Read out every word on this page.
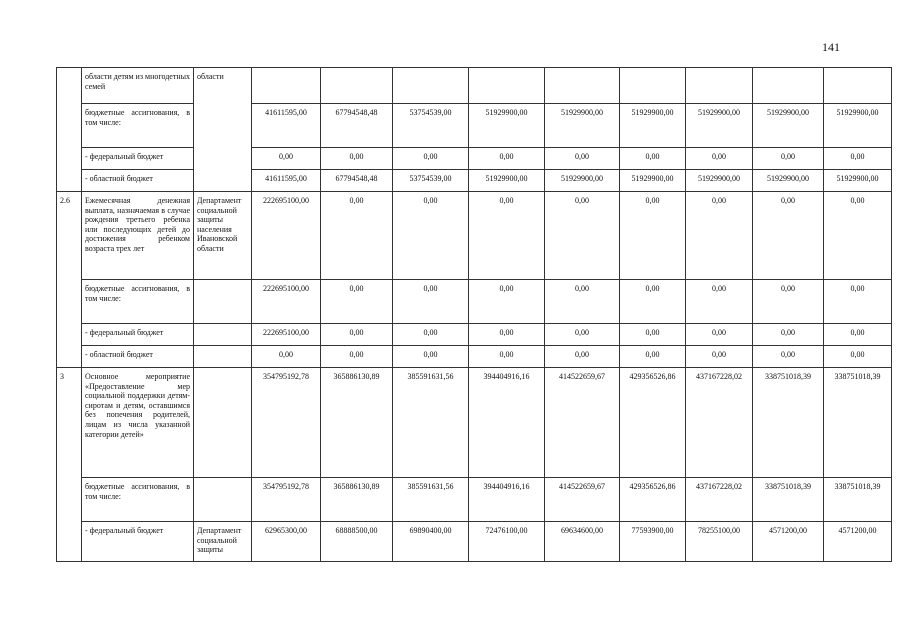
141
	области детям из многодетных семей	области									
	бюджетные ассигнования, в том числе:		41611595,00	67794548,48	53754539,00	51929900,00	51929900,00	51929900,00	51929900,00	51929900,00	51929900,00
	- федеральный бюджет		0,00	0,00	0,00	0,00	0,00	0,00	0,00	0,00	0,00
	- областной бюджет		41611595,00	67794548,48	53754539,00	51929900,00	51929900,00	51929900,00	51929900,00	51929900,00	51929900,00
2.6	Ежемесячная денежная выплата, назначаемая в случае рождения третьего ребенка или последующих детей до достижения ребенком возраста трех лет	Департамент социальной защиты населения Ивановской области	222695100,00	0,00	0,00	0,00	0,00	0,00	0,00	0,00	0,00
	бюджетные ассигнования, в том числе:		222695100,00	0,00	0,00	0,00	0,00	0,00	0,00	0,00	0,00
	- федеральный бюджет		222695100,00	0,00	0,00	0,00	0,00	0,00	0,00	0,00	0,00
	- областной бюджет		0,00	0,00	0,00	0,00	0,00	0,00	0,00	0,00	0,00
3	Основное мероприятие «Предоставление мер социальной поддержки детям-сиротам и детям, оставшимся без попечения родителей, лицам из числа указанной категории детей»		354795192,78	365886130,89	385591631,56	394404916,16	414522659,67	429356526,86	437167228,02	338751018,39	338751018,39
	бюджетные ассигнования, в том числе:		354795192,78	365886130,89	385591631,56	394404916,16	414522659,67	429356526,86	437167228,02	338751018,39	338751018,39
	- федеральный бюджет	Департамент социальной защиты	62965300,00	68888500,00	69890400,00	72476100,00	69634600,00	77593900,00	78255100,00	4571200,00	4571200,00
